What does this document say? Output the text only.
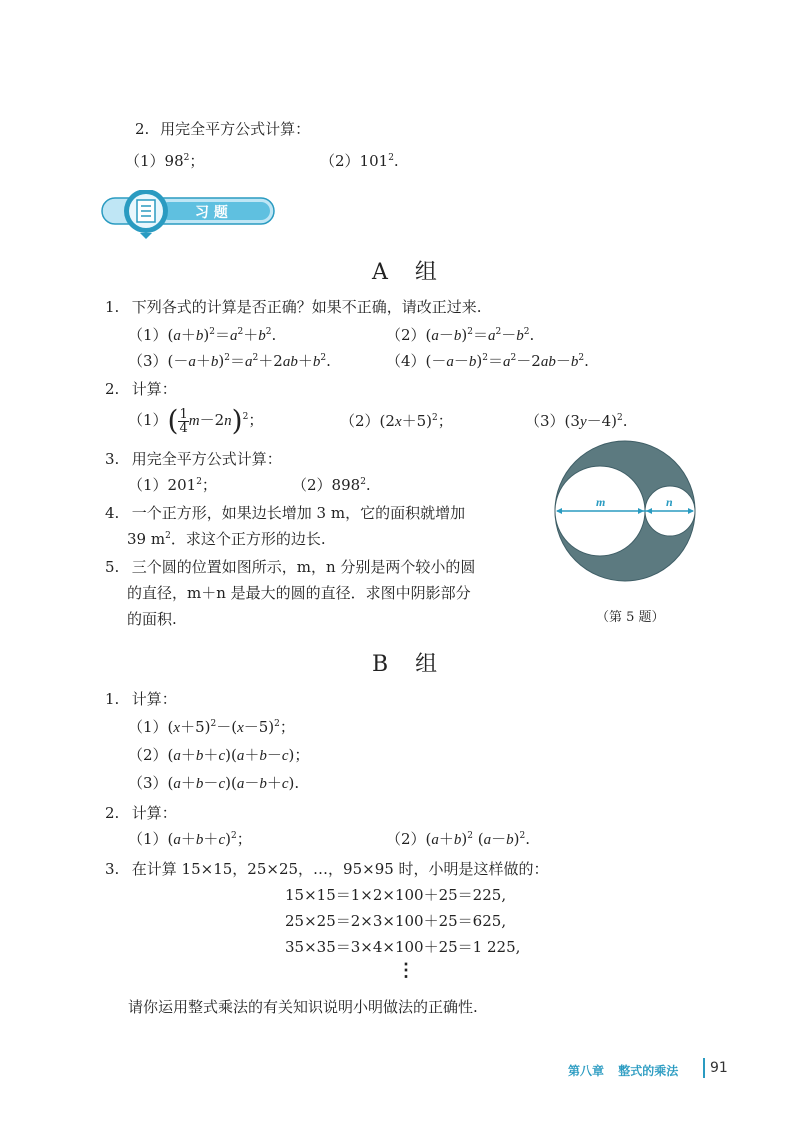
2. 用完全平方公式计算：
$(1)98^2$；	$(2)101^2$.
习 题
A 组
1. 下列各式的计算是否正确？如果不正确，请改正过来.
$(1)(a+b)^2=a^2+b^2$.	$(2)(a-b)^2=a^2-b^2$.
$(3)(-a+b)^2=a^2+2ab+b^2$.	$(4)(-a-b)^2=a^2-2ab-b^2$.
2. 计算：
$(1)( \frac{1}{4} m-2n)^2$；	$(2)(2x+5)^2$；	$(3)(3y-4)^2$.
3. 用完全平方公式计算：
$(1)201^2$；	$(2)898^2$.
4. 一个正方形，如果边长增加 3 m，它的面积就增加
39 $m^2$．求这个正方形的边长.
5. 三个圆的位置如图所示，m，n 分别是两个较小的圆
的直径，m＋n 是最大的圆的直径．求图中阴影部分
的面积.
m	n
（第 5 题）
B 组
1. 计算：
$(1)(x+5)^2-(x-5)^2$；
（2）(a＋b＋c)(a＋b－c)；
（3）(a＋b－c)(a－b＋c).
2. 计算：
$(1)(a+b+c)^2$；	$(2)(a+b)^2$ $(a-b)^2$.
3. 在计算 15×15，25×25，…，95×95 时，小明是这样做的：
15×15＝1×2×100＋25＝225,
25×25＝2×3×100＋25＝625,
35×35＝3×4×100＋25＝1 225,
⋮
请你运用整式乘法的有关知识说明小明做法的正确性.
第八章 整式的乘法 91
